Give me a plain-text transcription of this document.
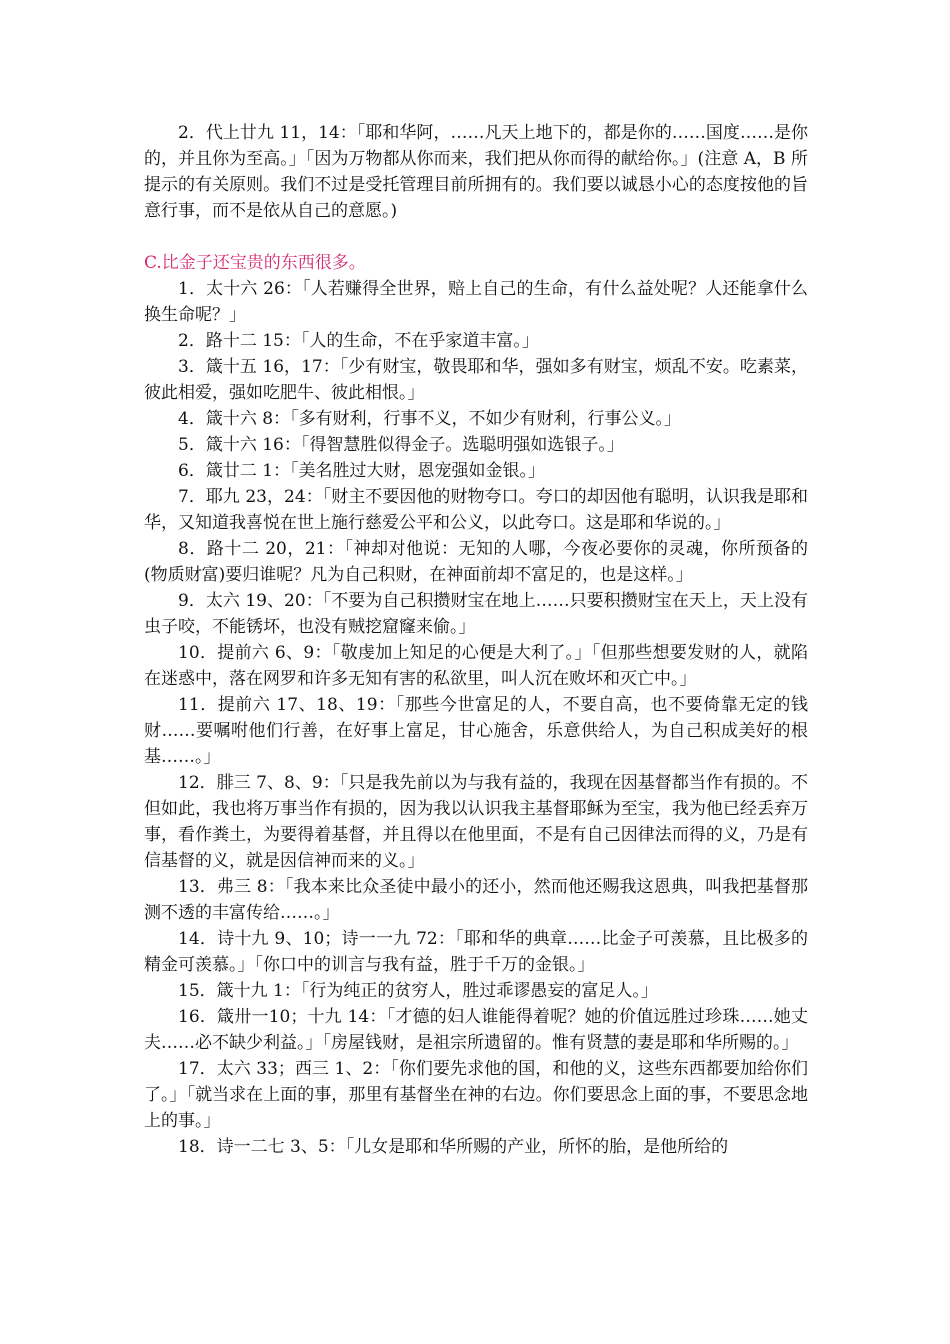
2．代上廿九 11，14：「耶和华阿，……凡天上地下的，都是你的……国度……是你的，并且你为至高。」「因为万物都从你而来，我们把从你而得的献给你。」(注意 A，B 所提示的有关原则。我们不过是受托管理目前所拥有的。我们要以诚恳小心的态度按他的旨意行事，而不是依从自己的意愿。)

C.比金子还宝贵的东西很多。

1．太十六 26：「人若赚得全世界，赔上自己的生命，有什么益处呢？人还能拿什么换生命呢？」

2．路十二 15：「人的生命，不在乎家道丰富。」

3．箴十五 16，17：「少有财宝，敬畏耶和华，强如多有财宝，烦乱不安。吃素菜，彼此相爱，强如吃肥牛、彼此相恨。」

4．箴十六 8：「多有财利，行事不义，不如少有财利，行事公义。」

5．箴十六 16：「得智慧胜似得金子。选聪明强如选银子。」

6．箴廿二 1：「美名胜过大财，恩宠强如金银。」

7．耶九 23，24：「财主不要因他的财物夸口。夸口的却因他有聪明，认识我是耶和华，又知道我喜悦在世上施行慈爱公平和公义，以此夸口。这是耶和华说的。」

8．路十二 20，21：「神却对他说：无知的人哪，今夜必要你的灵魂，你所预备的(物质财富)要归谁呢？凡为自己积财，在神面前却不富足的，也是这样。」

9．太六 19、20：「不要为自己积攒财宝在地上……只要积攒财宝在天上，天上没有虫子咬，不能锈坏，也没有贼挖窟窿来偷。」

10．提前六 6、9：「敬虔加上知足的心便是大利了。」「但那些想要发财的人，就陷在迷惑中，落在网罗和许多无知有害的私欲里，叫人沉在败坏和灭亡中。」

11．提前六 17、18、19：「那些今世富足的人，不要自高，也不要倚靠无定的钱财……要嘱咐他们行善，在好事上富足，甘心施舍，乐意供给人，为自己积成美好的根基……。」

12．腓三 7、8、9：「只是我先前以为与我有益的，我现在因基督都当作有损的。不但如此，我也将万事当作有损的，因为我以认识我主基督耶稣为至宝，我为他已经丢弃万事，看作粪土，为要得着基督，并且得以在他里面，不是有自己因律法而得的义，乃是有信基督的义，就是因信神而来的义。」

13．弗三 8：「我本来比众圣徒中最小的还小，然而他还赐我这恩典，叫我把基督那测不透的丰富传给……。」

14．诗十九 9、10；诗一一九 72：「耶和华的典章……比金子可羡慕，且比极多的精金可羡慕。」「你口中的训言与我有益，胜于千万的金银。」

15．箴十九 1：「行为纯正的贫穷人，胜过乖谬愚妄的富足人。」

16．箴卅一10；十九 14：「才德的妇人谁能得着呢？她的价值远胜过珍珠……她丈夫……必不缺少利益。」「房屋钱财，是祖宗所遗留的。惟有贤慧的妻是耶和华所赐的。」

17．太六 33；西三 1、2：「你们要先求他的国，和他的义，这些东西都要加给你们了。」「就当求在上面的事，那里有基督坐在神的右边。你们要思念上面的事，不要思念地上的事。」

18．诗一二七 3、5：「儿女是耶和华所赐的产业，所怀的胎，是他所给的
